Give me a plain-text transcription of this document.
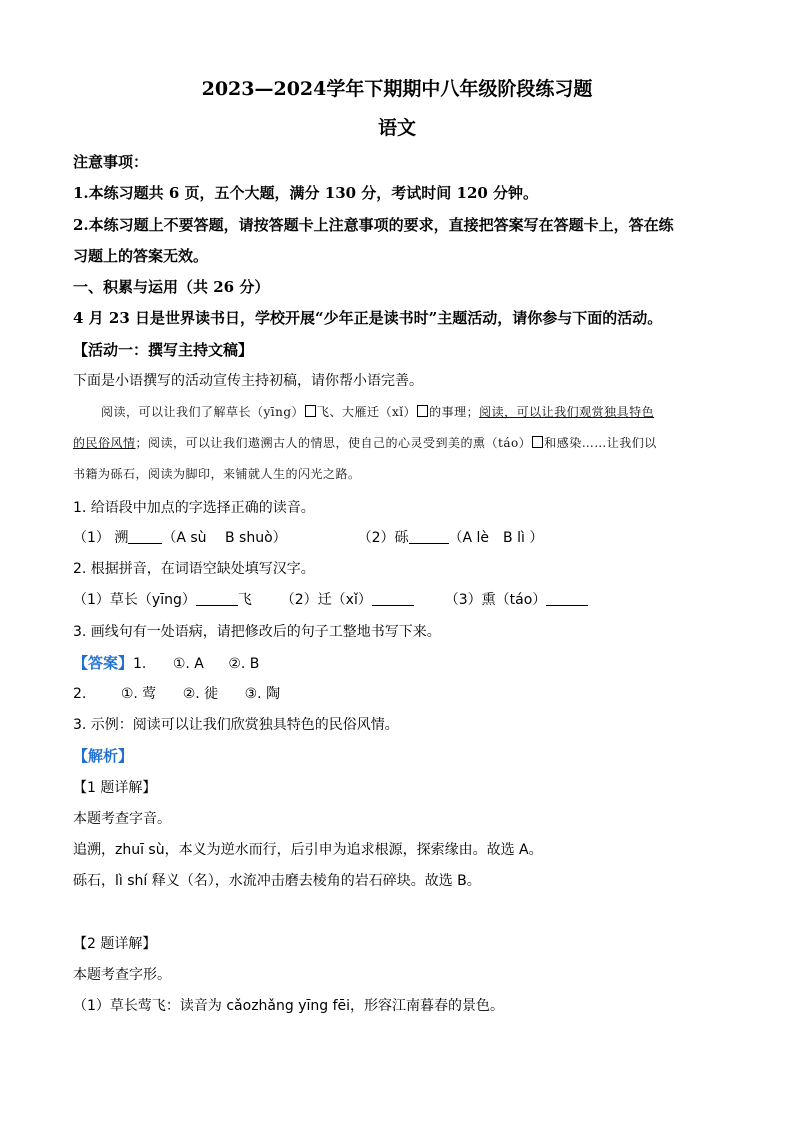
2023—2024学年下期期中八年级阶段练习题
语文
注意事项：
1.本练习题共 6 页，五个大题，满分 130 分，考试时间 120 分钟。
2.本练习题上不要答题，请按答题卡上注意事项的要求，直接把答案写在答题卡上，答在练
习题上的答案无效。
一、积累与运用（共 26 分）
4 月 23 日是世界读书日，学校开展“少年正是读书时”主题活动，请你参与下面的活动。
【活动一：撰写主持文稿】
下面是小语撰写的活动宣传主持初稿，请你帮小语完善。
阅读，可以让我们了解草长（yīng） 飞、大雁迁（xǐ） 的事理；阅读，可以让我们观赏独具特色
的民俗风情；阅读，可以让我们遨溯古人的情思，使自己的心灵受到美的熏（táo） 和感染……让我们以
书籍为砾石，阅读为脚印，来铺就人生的闪光之路。
1. 给语段中加点的字选择正确的读音。
（1） 溯 （A sù　 B shuò）	（2）砾	（A lè　B lì ）
2. 根据拼音，在词语空缺处填写汉字。
（1）草长（yīng）	飞 （2）迁（xǐ）	（3）熏（táo）
3. 画线句有一处语病，请把修改后的句子工整地书写下来。
【答案】1. ①. A ②. B
2. ①. 莺 ②. 徙 ③. 陶
3. 示例：阅读可以让我们欣赏独具特色的民俗风情。
【解析】
【1 题详解】
本题考查字音。
追溯，zhuī sù，本义为逆水而行，后引申为追求根源，探索缘由。故选 A。
砾石，lì shí 释义（名），水流冲击磨去棱角的岩石碎块。故选 B。
【2 题详解】
本题考查字形。
（1）草长莺飞：读音为 cǎozhǎng yīng fēi，形容江南暮春的景色。
